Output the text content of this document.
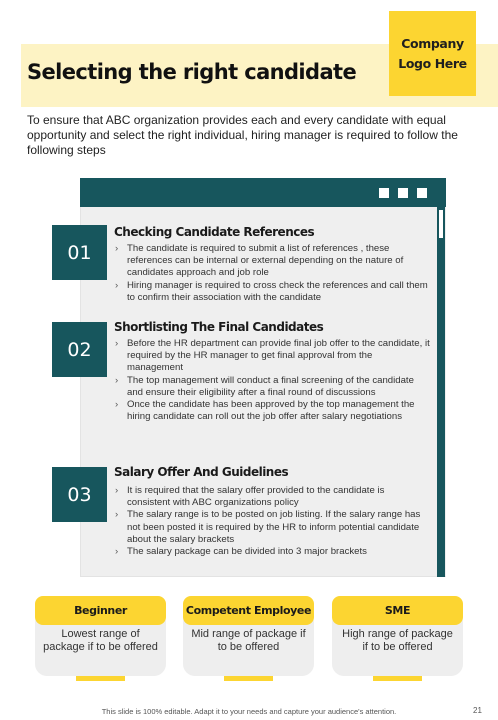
Selecting the right candidate
Company
Logo Here

To ensure that ABC organization provides each and every candidate with equal opportunity and select the right individual, hiring manager is required to follow the following steps

01
Checking Candidate References
› The candidate is required to submit a list of references , these references can be internal or external depending on the nature of candidates approach and job role
› Hiring manager is required to cross check the references and call them to confirm their association with the candidate
02
Shortlisting The Final Candidates
› Before the HR department can provide final job offer to the candidate, it required by the HR manager to get final approval from the management
› The top management will conduct a final screening of the candidate and ensure their eligibility after a final round of discussions
› Once the candidate has been approved by the top management the hiring candidate can roll out the job offer after salary negotiations
03
Salary Offer And Guidelines
› It is required that the salary offer provided to the candidate is consistent with ABC organizations policy
› The salary range is to be posted on job listing. If the salary range has not been posted it is required by the HR to inform potential candidate about the salary brackets
› The salary package can be divided into 3 major brackets
Beginner
Lowest range of package if to be offered
Competent Employee
Mid range of package if to be offered
SME
High range of package if to be offered
This slide is 100% editable. Adapt it to your needs and capture your audience's attention.	21
